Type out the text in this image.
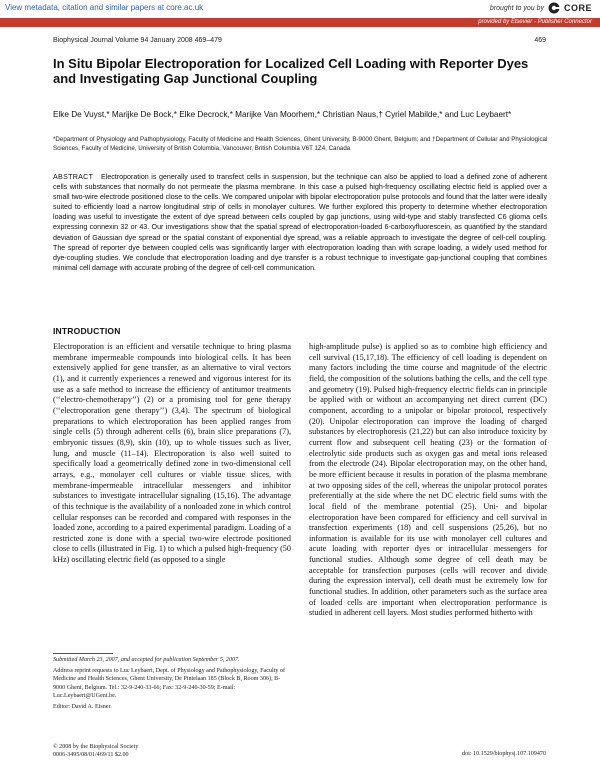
View metadata, citation and similar papers at core.ac.uk	brought to you by CORE
provided by Elsevier - Publisher Connector
Biophysical Journal Volume 94 January 2008 469–479	469
In Situ Bipolar Electroporation for Localized Cell Loading with Reporter Dyes and Investigating Gap Junctional Coupling
Elke De Vuyst,* Marijke De Bock,* Elke Decrock,* Marijke Van Moorhem,* Christian Naus,† Cyriel Mabilde,* and Luc Leybaert*
*Department of Physiology and Pathophysiology, Faculty of Medicine and Health Sciences, Ghent University, B-9000 Ghent, Belgium; and †Department of Cellular and Physiological Sciences, Faculty of Medicine, University of British Columbia, Vancouver, British Columbia V6T 1Z4, Canada
ABSTRACT Electroporation is generally used to transfect cells in suspension, but the technique can also be applied to load a defined zone of adherent cells with substances that normally do not permeate the plasma membrane. In this case a pulsed high-frequency oscillating electric field is applied over a small two-wire electrode positioned close to the cells. We compared unipolar with bipolar electroporation pulse protocols and found that the latter were ideally suited to efficiently load a narrow longitudinal strip of cells in monolayer cultures. We further explored this property to determine whether electroporation loading was useful to investigate the extent of dye spread between cells coupled by gap junctions, using wild-type and stably transfected C6 glioma cells expressing connexin 32 or 43. Our investigations show that the spatial spread of electroporation-loaded 6-carboxyfluorescein, as quantified by the standard deviation of Gaussian dye spread or the spatial constant of exponential dye spread, was a reliable approach to investigate the degree of cell-cell coupling. The spread of reporter dye between coupled cells was significantly larger with electroporation loading than with scrape loading, a widely used method for dye-coupling studies. We conclude that electroporation loading and dye transfer is a robust technique to investigate gap-junctional coupling that combines minimal cell damage with accurate probing of the degree of cell-cell communication.
INTRODUCTION
Electroporation is an efficient and versatile technique to bring plasma membrane impermeable compounds into biological cells. It has been extensively applied for gene transfer, as an alternative to viral vectors (1), and it currently experiences a renewed and vigorous interest for its use as a safe method to increase the efficiency of antitumor treatments (‘‘electro-chemotherapy’’) (2) or a promising tool for gene therapy (‘‘electroporation gene therapy’’) (3,4). The spectrum of biological preparations to which electroporation has been applied ranges from single cells (5) through adherent cells (6), brain slice preparations (7), embryonic tissues (8,9), skin (10), up to whole tissues such as liver, lung, and muscle (11–14). Electroporation is also well suited to specifically load a geometrically defined zone in two-dimensional cell arrays, e.g., monolayer cell cultures or viable tissue slices, with membrane-impermeable intracellular messengers and inhibitor substances to investigate intracellular signaling (15,16). The advantage of this technique is the availability of a nonloaded zone in which control cellular responses can be recorded and compared with responses in the loaded zone, according to a paired experimental paradigm. Loading of a restricted zone is done with a special two-wire electrode positioned close to cells (illustrated in Fig. 1) to which a pulsed high-frequency (50 kHz) oscillating electric field (as opposed to a single
high-amplitude pulse) is applied so as to combine high efficiency and cell survival (15,17,18). The efficiency of cell loading is dependent on many factors including the time course and magnitude of the electric field, the composition of the solutions bathing the cells, and the cell type and geometry (19). Pulsed high-frequency electric fields can in principle be applied with or without an accompanying net direct current (DC) component, according to a unipolar or bipolar protocol, respectively (20). Unipolar electroporation can improve the loading of charged substances by electrophoresis (21,22) but can also introduce toxicity by current flow and subsequent cell heating (23) or the formation of electrolytic side products such as oxygen gas and metal ions released from the electrode (24). Bipolar electroporation may, on the other hand, be more efficient because it results in poration of the plasma membrane at two opposing sides of the cell, whereas the unipolar protocol porates preferentially at the side where the net DC electric field sums with the local field of the membrane potential (25). Uni- and bipolar electroporation have been compared for efficiency and cell survival in transfection experiments (18) and cell suspensions (25,26), but no information is available for its use with monolayer cell cultures and acute loading with reporter dyes or intracellular messengers for functional studies. Although some degree of cell death may be acceptable for transfection purposes (cells will recover and divide during the expression interval), cell death must be extremely low for functional studies. In addition, other parameters such as the surface area of loaded cells are important when electroporation performance is studied in adherent cell layers. Most studies performed hitherto with
Submitted March 23, 2007, and accepted for publication September 5, 2007.
Address reprint requests to Luc Leybaert, Dept. of Physiology and Pathophysiology, Faculty of Medicine and Health Sciences, Ghent University, De Pintelaan 185 (Block B, Room 306), B-9000 Ghent, Belgium. Tel.: 32-9-240-33-66; Fax: 32-9-240-30-59; E-mail: Luc.Leybaert@UGent.be.
Editor: David A. Eisner.
© 2008 by the Biophysical Society
0006-3495/08/01/469/11 $2.00	doi: 10.1529/biophysj.107.109470
